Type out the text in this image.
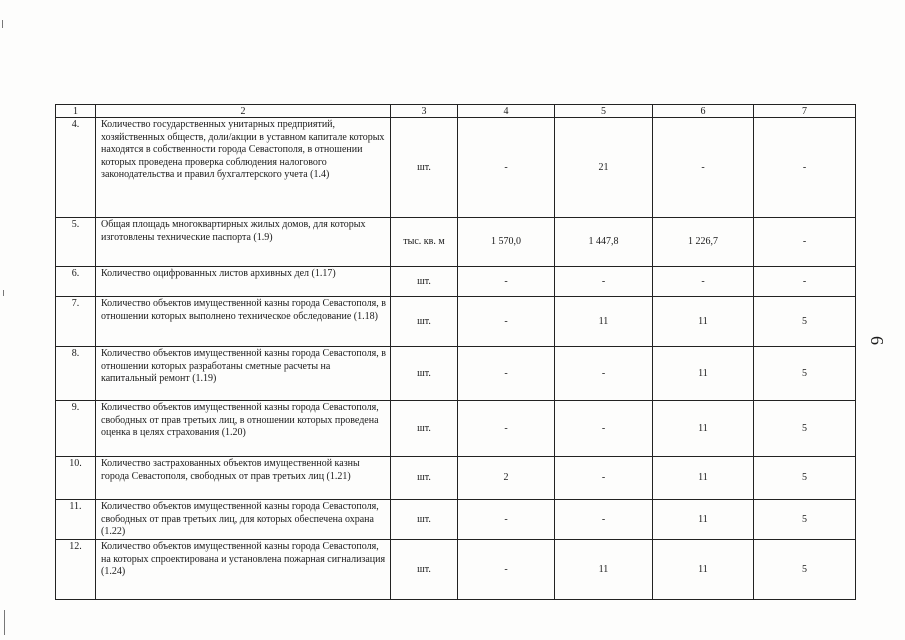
1	2	3	4	5	6	7
4.	Количество государственных унитарных предприятий, хозяйственных обществ, доли/акции в уставном капитале которых находятся в собственности города Севастополя, в отношении которых проведена проверка соблюдения налогового законодательства и правил бухгалтерского учета (1.4)	шт.	-	21	-	-
5.	Общая площадь многоквартирных жилых домов, для которых изготовлены технические паспорта (1.9)	тыс. кв. м	1 570,0	1 447,8	1 226,7	-
6.	Количество оцифрованных листов архивных дел (1.17)	шт.	-	-	-	-
7.	Количество объектов имущественной казны города Севастополя, в отношении которых выполнено техническое обследование (1.18)	шт.	-	11	11	5
8.	Количество объектов имущественной казны города Севастополя, в отношении которых разработаны сметные расчеты на капитальный ремонт (1.19)	шт.	-	-	11	5
9.	Количество объектов имущественной казны города Севастополя, свободных от прав третьих лиц, в отношении которых проведена оценка в целях страхования (1.20)	шт.	-	-	11	5
10.	Количество застрахованных объектов имущественной казны города Севастополя, свободных от прав третьих лиц (1.21)	шт.	2	-	11	5
11.	Количество объектов имущественной казны города Севастополя, свободных от прав третьих лиц, для которых обеспечена охрана (1.22)	шт.	-	-	11	5
12.	Количество объектов имущественной казны города Севастополя, на которых спроектирована и установлена пожарная сигнализация (1.24)	шт.	-	11	11	5
6
